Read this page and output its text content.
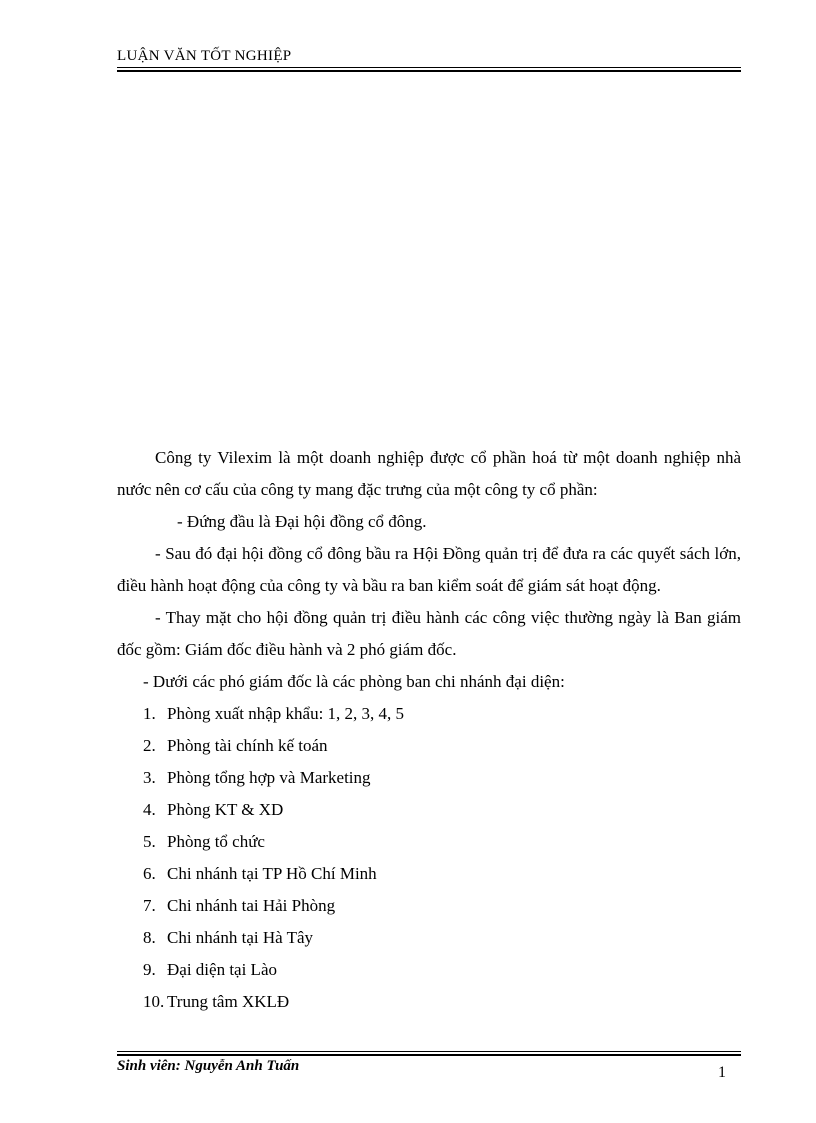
LUẬN VĂN TỐT NGHIỆP

Công ty Vilexim là một doanh nghiệp được cổ phần hoá từ một doanh nghiệp nhà nước nên cơ cấu của công ty mang đặc trưng của một công ty cổ phần:

- Đứng đầu là Đại hội đồng cổ đông.

- Sau đó đại hội đồng cổ đông bầu ra Hội Đồng quản trị để đưa ra các quyết sách lớn, điều hành hoạt động của công ty và bầu ra ban kiểm soát để giám sát hoạt động.

- Thay mặt cho hội đồng quản trị điều hành các công việc thường ngày là Ban giám đốc gồm: Giám đốc điều hành và 2 phó giám đốc.

- Dưới các phó giám đốc là các phòng ban chi nhánh đại diện:
1. Phòng xuất nhập khẩu: 1, 2, 3, 4, 5
2. Phòng tài chính kế toán
3. Phòng tổng hợp và Marketing
4. Phòng KT & XD
5. Phòng tổ chức
6. Chi nhánh tại TP Hồ Chí Minh
7. Chi nhánh tai Hải Phòng
8. Chi nhánh tại Hà Tây
9. Đại diện tại Lào
10. Trung tâm XKLĐ
Sinh viên: Nguyễn Anh Tuấn	1
